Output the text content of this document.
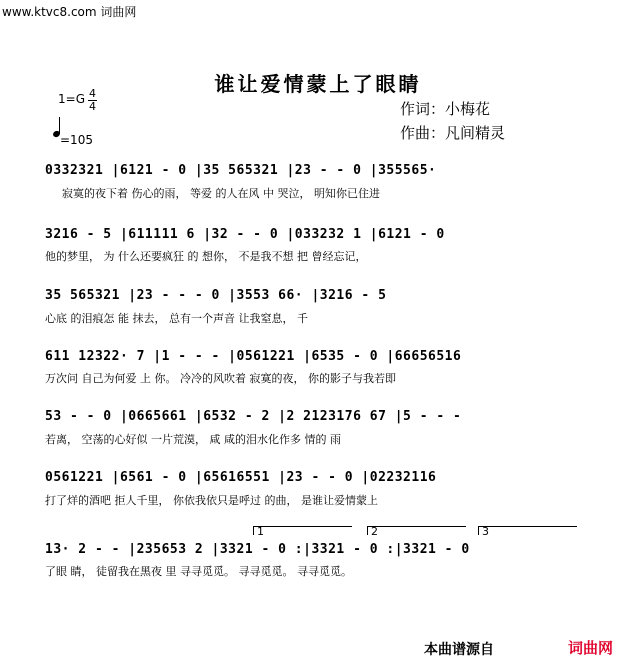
www.ktvc8.com 词曲网
谁让爱情蒙上了眼睛
1=G 4
4
=105
作词：小梅花
作曲：凡间精灵
0332321 |6121 - 0 |35 565321 |23 - - 0 |355565·
寂寞的夜下着 伤心的雨， 等爱 的人在风 中 哭泣， 明知你已住进
3216 - 5 |611111 6 |32 - - 0 |033232 1 |6121 - 0
他的梦里， 为 什么还要疯狂 的 想你， 不是我不想 把 曾经忘记，
35 565321 |23 - - - 0 |3553 66· |3216 - 5
心底 的泪痕怎 能 抹去， 总有一个声音 让我窒息， 千
611 12322· 7 |1 - - - |0561221 |6535 - 0 |66656516
万次问 自己为何爱 上 你。 冷冷的风吹着 寂寞的夜， 你的影子与我若即
53 - - 0 |0665661 |6532 - 2 |2 2123176 67 |5 - - -
若离， 空荡的心好似 一片荒漠， 咸 咸的泪水化作多 情的 雨
0561221 |6561 - 0 |65616551 |23 - - 0 |02232116
打了烊的酒吧 拒人千里， 你依我依只是呼过 的曲， 是谁让爱情蒙上
1	2	3
13· 2 - - |235653 2 |3321 - 0 :|3321 - 0 :|3321 - 0
了眼 睛， 徒留我在黑夜 里 寻寻觅觅。 寻寻觅觅。 寻寻觅觅。
本曲谱源自	词曲网
